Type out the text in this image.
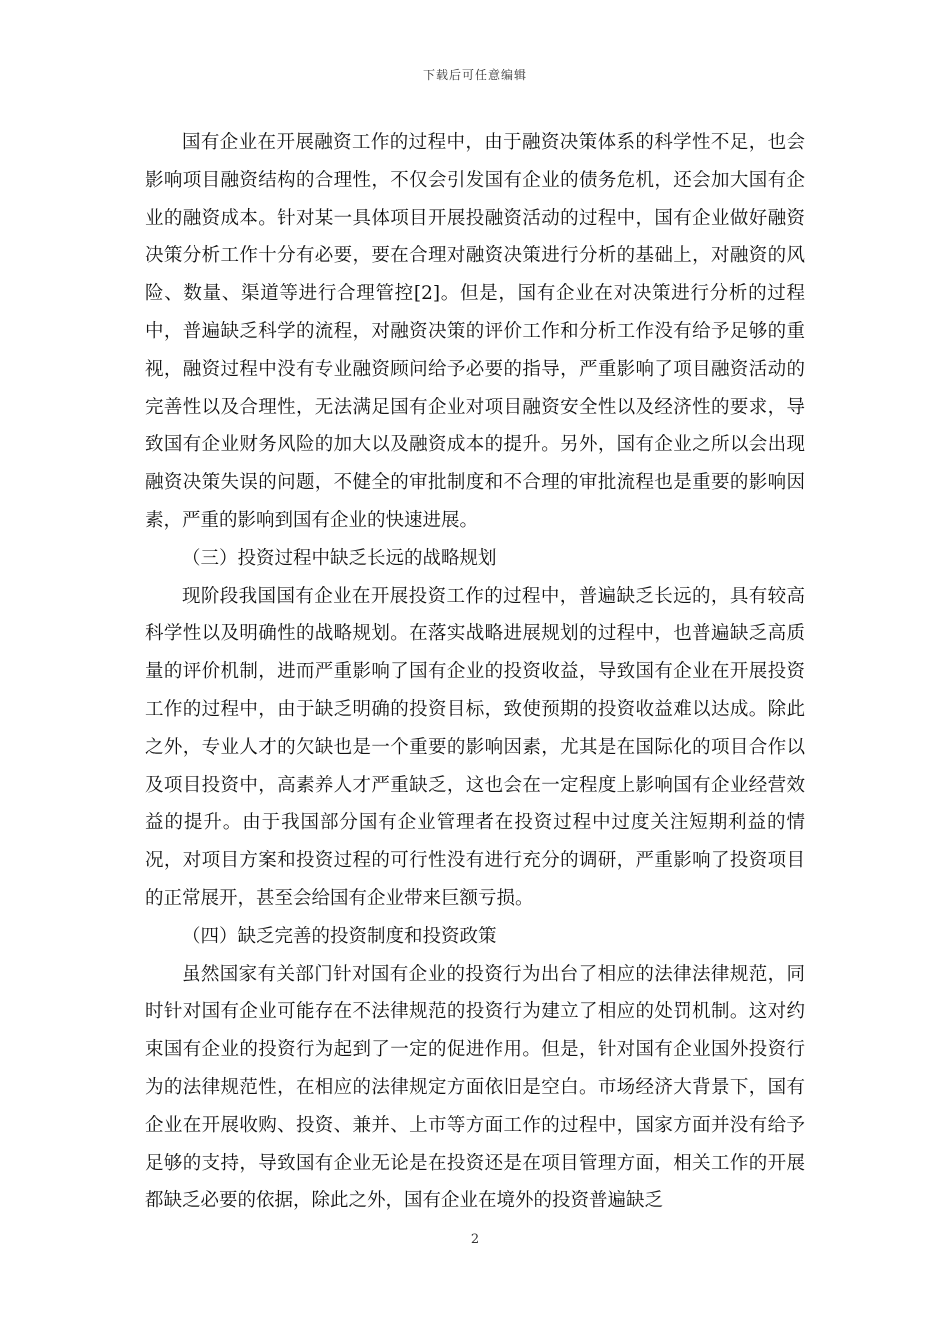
下载后可任意编辑

国有企业在开展融资工作的过程中，由于融资决策体系的科学性不足，也会影响项目融资结构的合理性，不仅会引发国有企业的债务危机，还会加大国有企业的融资成本。针对某一具体项目开展投融资活动的过程中，国有企业做好融资决策分析工作十分有必要，要在合理对融资决策进行分析的基础上，对融资的风险、数量、渠道等进行合理管控[2]。但是，国有企业在对决策进行分析的过程中，普遍缺乏科学的流程，对融资决策的评价工作和分析工作没有给予足够的重视，融资过程中没有专业融资顾问给予必要的指导，严重影响了项目融资活动的完善性以及合理性，无法满足国有企业对项目融资安全性以及经济性的要求，导致国有企业财务风险的加大以及融资成本的提升。另外，国有企业之所以会出现融资决策失误的问题，不健全的审批制度和不合理的审批流程也是重要的影响因素，严重的影响到国有企业的快速进展。

（三）投资过程中缺乏长远的战略规划

现阶段我国国有企业在开展投资工作的过程中，普遍缺乏长远的，具有较高科学性以及明确性的战略规划。在落实战略进展规划的过程中，也普遍缺乏高质量的评价机制，进而严重影响了国有企业的投资收益，导致国有企业在开展投资工作的过程中，由于缺乏明确的投资目标，致使预期的投资收益难以达成。除此之外，专业人才的欠缺也是一个重要的影响因素，尤其是在国际化的项目合作以及项目投资中，高素养人才严重缺乏，这也会在一定程度上影响国有企业经营效益的提升。由于我国部分国有企业管理者在投资过程中过度关注短期利益的情况，对项目方案和投资过程的可行性没有进行充分的调研，严重影响了投资项目的正常展开，甚至会给国有企业带来巨额亏损。

（四）缺乏完善的投资制度和投资政策

虽然国家有关部门针对国有企业的投资行为出台了相应的法律法律规范，同时针对国有企业可能存在不法律规范的投资行为建立了相应的处罚机制。这对约束国有企业的投资行为起到了一定的促进作用。但是，针对国有企业国外投资行为的法律规范性，在相应的法律规定方面依旧是空白。市场经济大背景下，国有企业在开展收购、投资、兼并、上市等方面工作的过程中，国家方面并没有给予足够的支持，导致国有企业无论是在投资还是在项目管理方面，相关工作的开展都缺乏必要的依据，除此之外，国有企业在境外的投资普遍缺乏

2
